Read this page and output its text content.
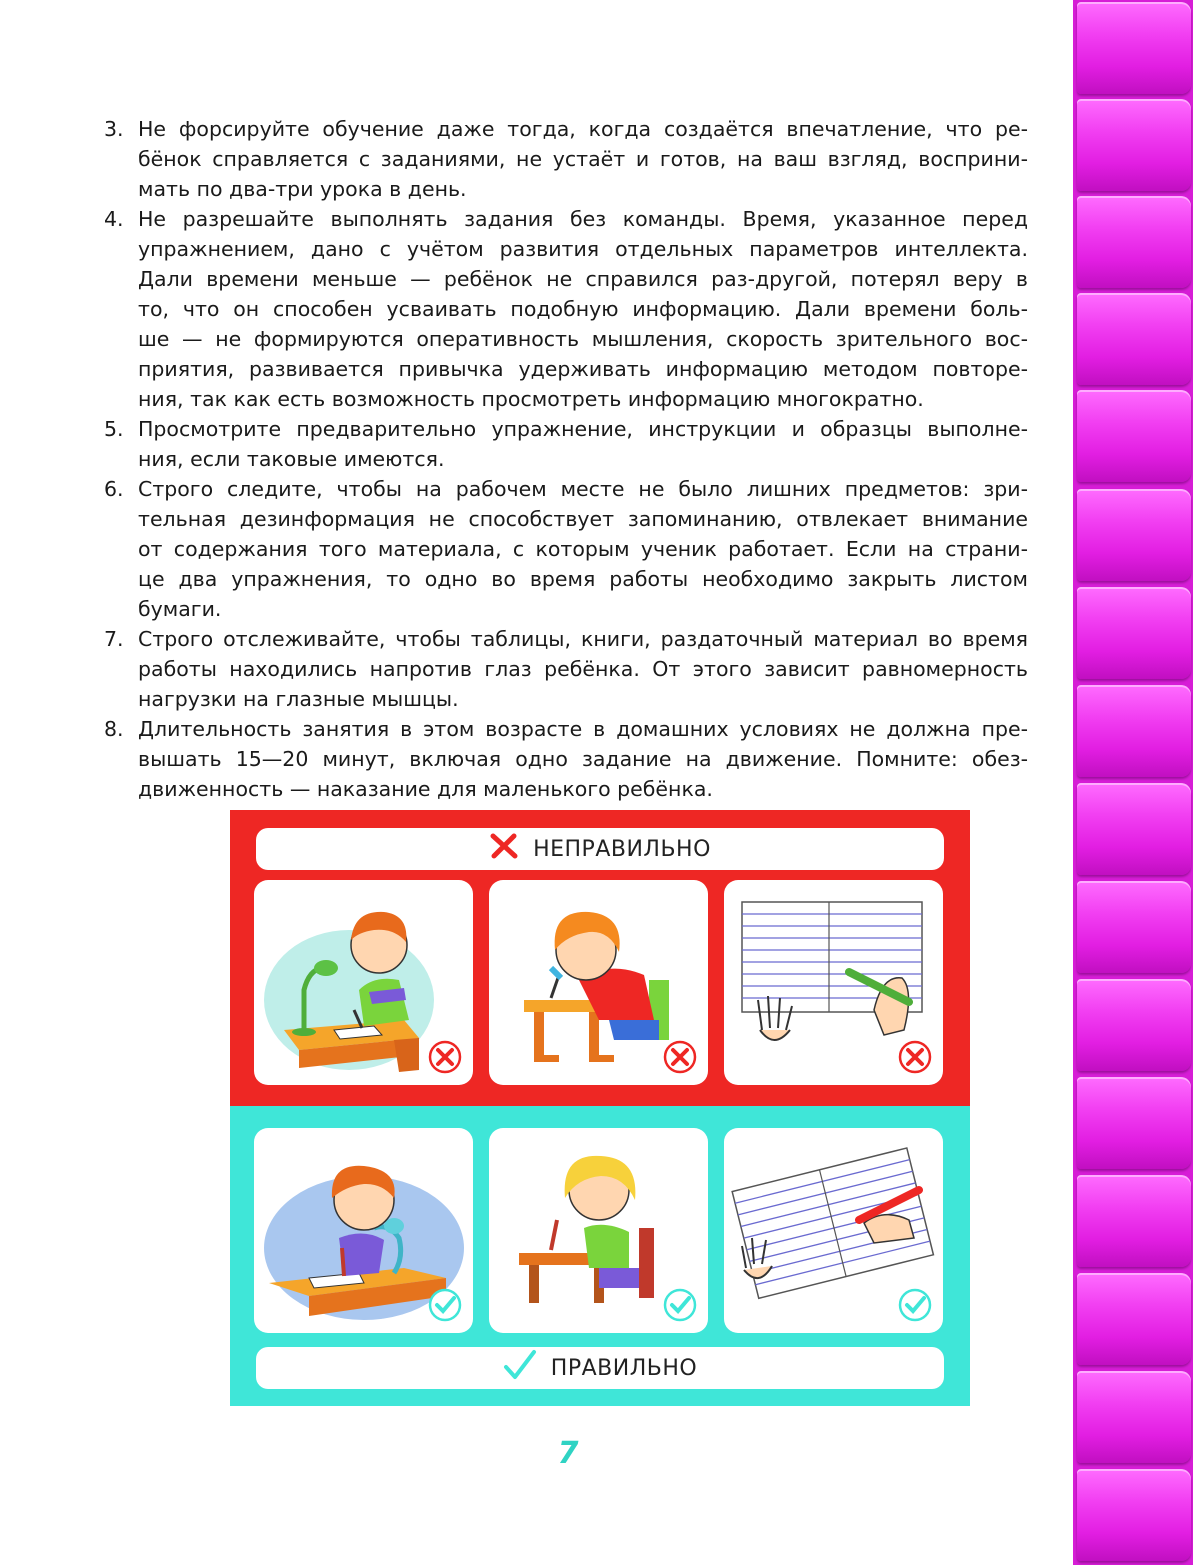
3. Не форсируйте обучение даже тогда, когда создаётся впечатление, что ре-
бёнок справляется с заданиями, не устаёт и готов, на ваш взгляд, восприни-
мать по два-три урока в день.
4. Не разрешайте выполнять задания без команды. Время, указанное перед
упражнением, дано с учётом развития отдельных параметров интеллекта.
Дали времени меньше — ребёнок не справился раз-другой, потерял веру в
то, что он способен усваивать подобную информацию. Дали времени боль-
ше — не формируются оперативность мышления, скорость зрительного вос-
приятия, развивается привычка удерживать информацию методом повторе-
ния, так как есть возможность просмотреть информацию многократно.
5. Просмотрите предварительно упражнение, инструкции и образцы выполне-
ния, если таковые имеются.
6. Строго следите, чтобы на рабочем месте не было лишних предметов: зри-
тельная дезинформация не способствует запоминанию, отвлекает внимание
от содержания того материала, с которым ученик работает. Если на страни-
це два упражнения, то одно во время работы необходимо закрыть листом
бумаги.
7. Строго отслеживайте, чтобы таблицы, книги, раздаточный материал во время
работы находились напротив глаз ребёнка. От этого зависит равномерность
нагрузки на глазные мышцы.
8. Длительность занятия в этом возрасте в домашних условиях не должна пре-
вышать 15—20 минут, включая одно задание на движение. Помните: обез-
движенность — наказание для маленького ребёнка.
НЕПРАВИЛЬНО
ПРАВИЛЬНО
7
